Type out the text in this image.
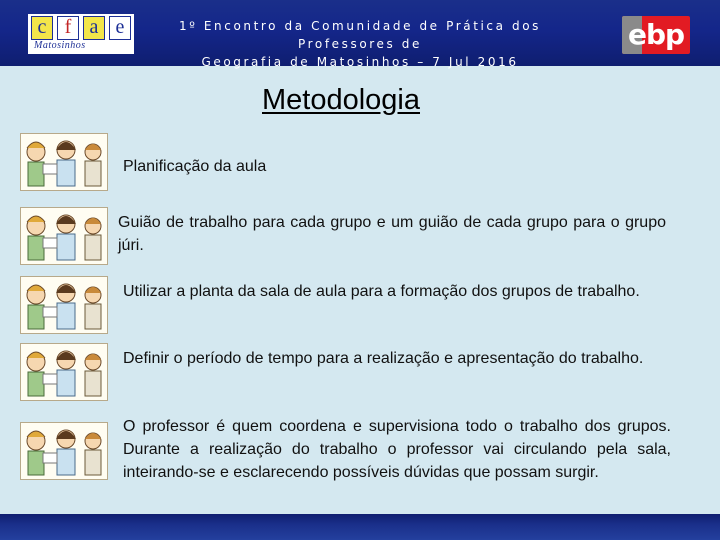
c f a e
Matosinhos
1º Encontro da Comunidade de Prática dos Professores de
Geografia de Matosinhos – 7 Jul 2016
ebp
Metodologia
Planificação da aula
Guião de trabalho para cada grupo e um guião de cada grupo para o grupo júri.
Utilizar a planta da sala de aula para a formação dos grupos de trabalho.
Definir o período de tempo para a realização e apresentação do trabalho.
O professor é quem coordena e supervisiona todo o trabalho dos grupos. Durante a realização do trabalho o professor vai circulando pela sala, inteirando-se e esclarecendo possíveis dúvidas que possam surgir.
